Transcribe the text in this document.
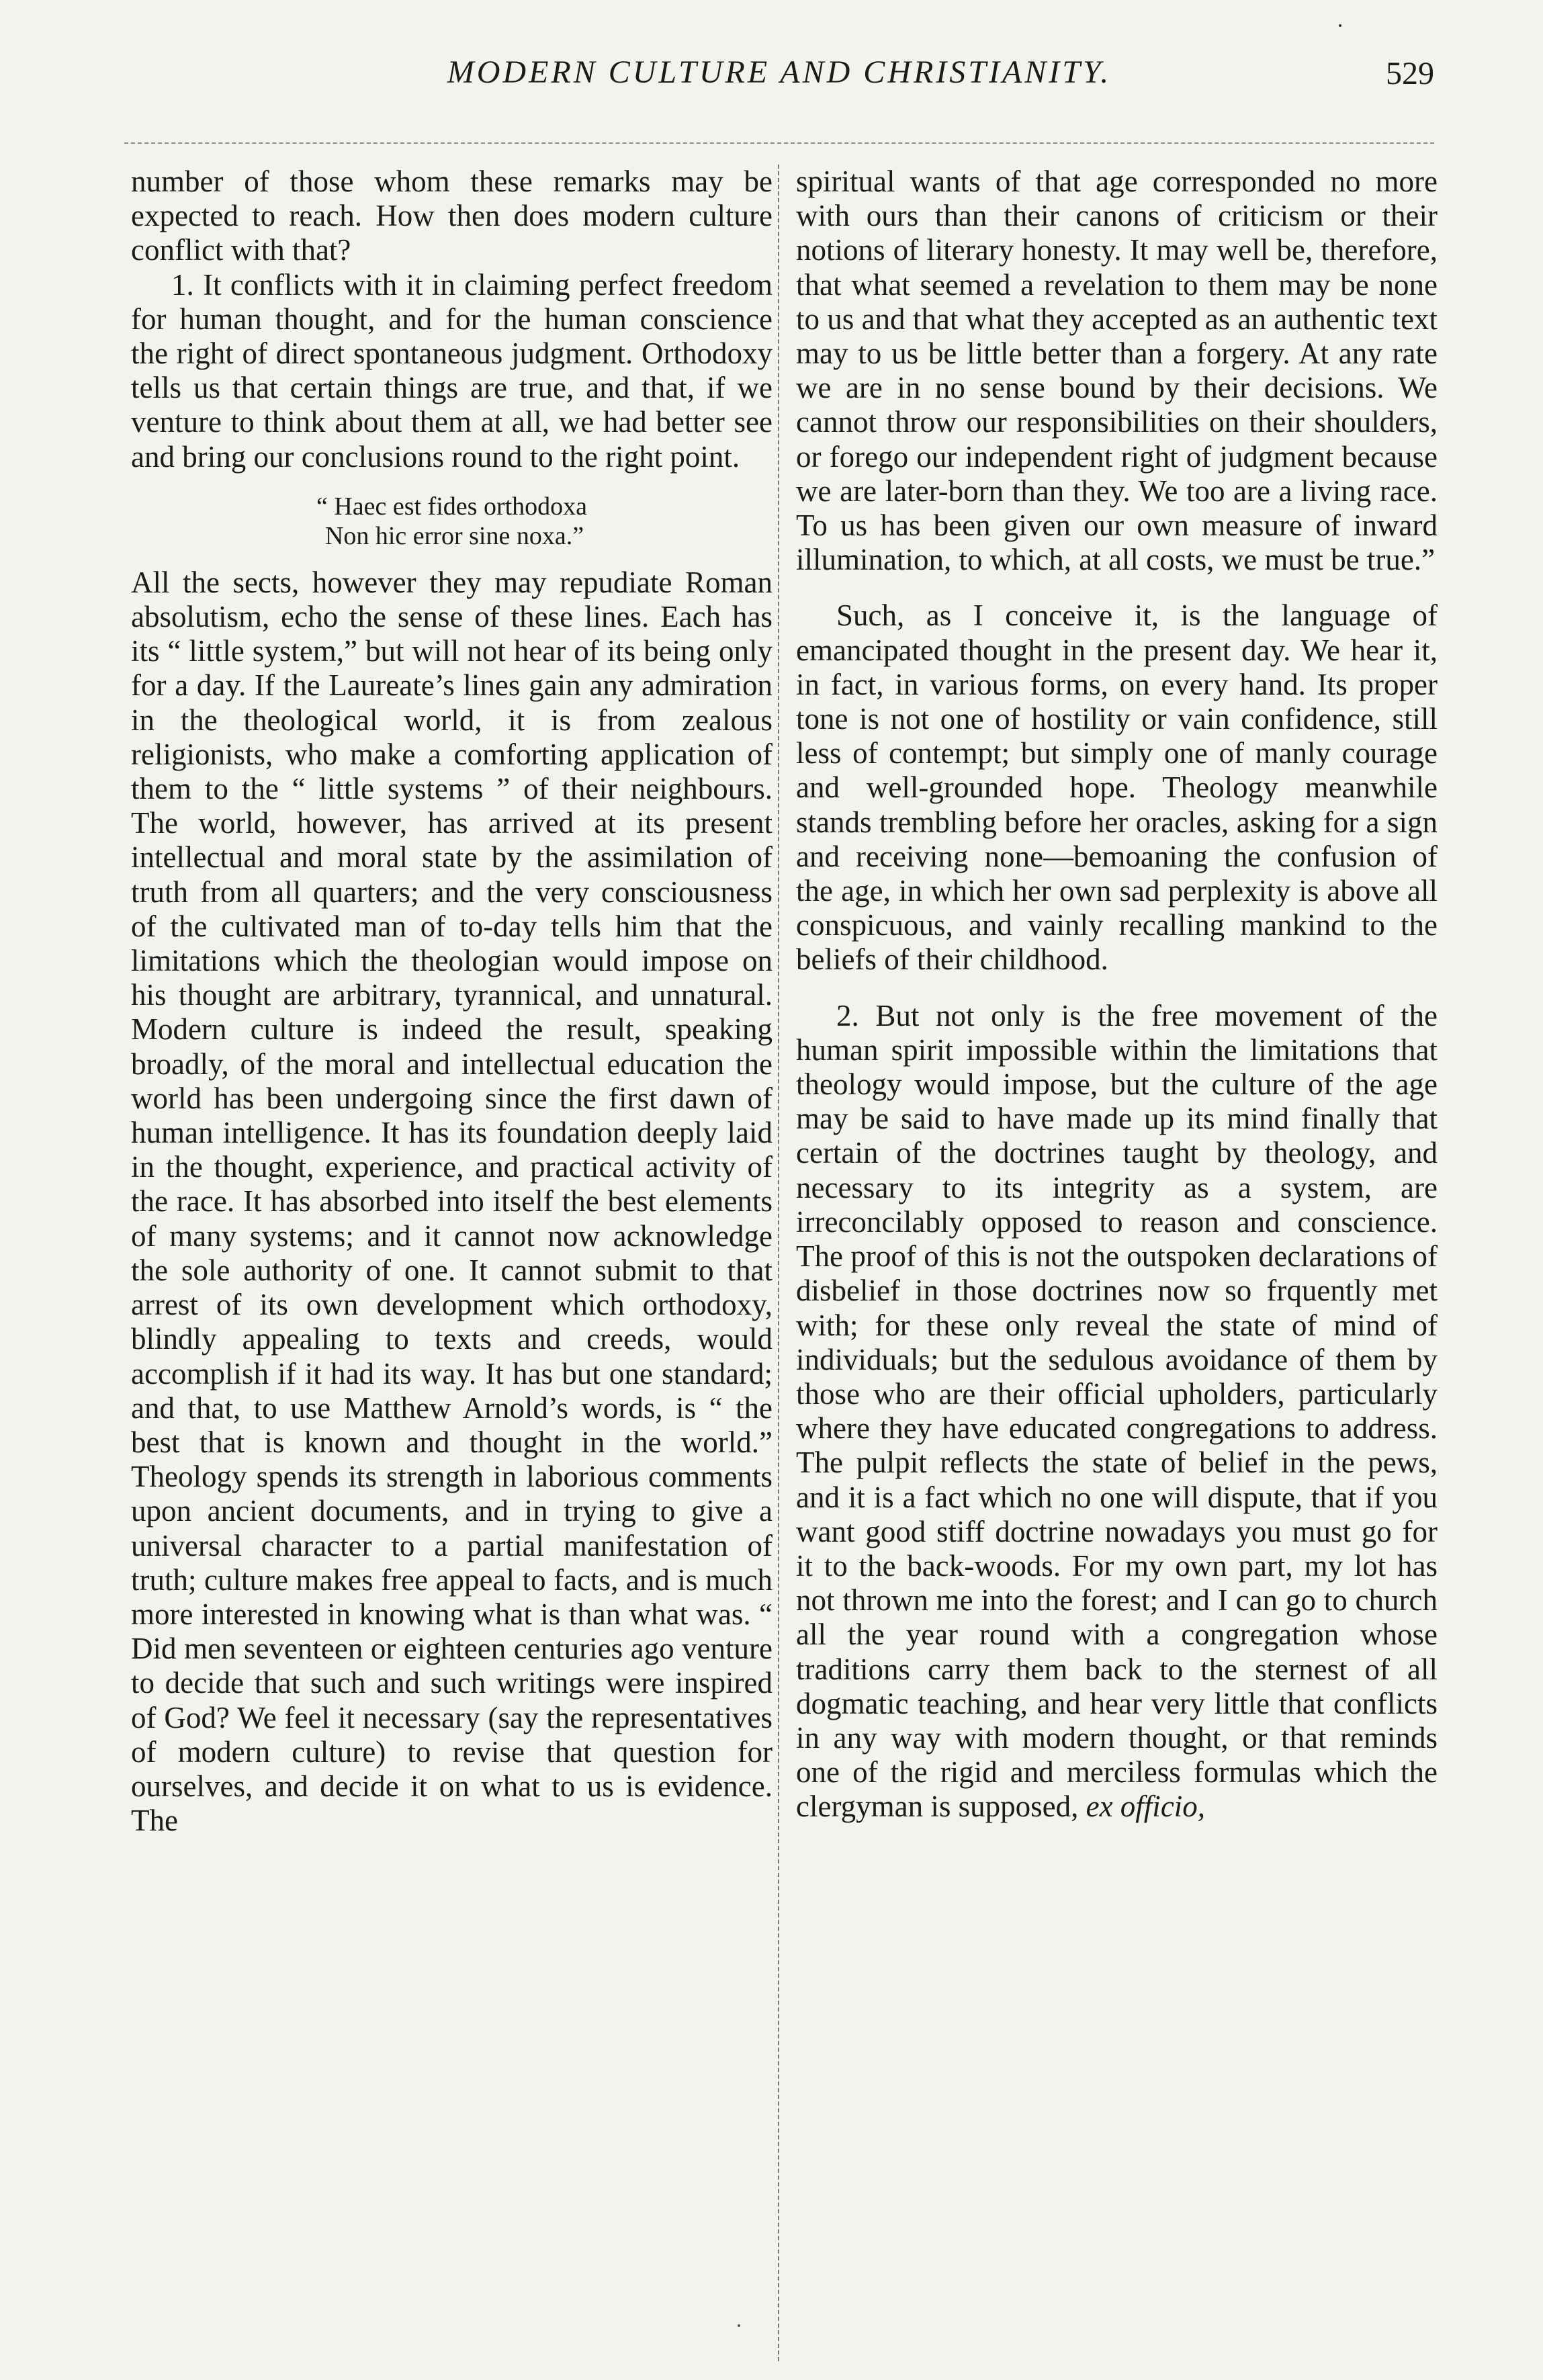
MODERN CULTURE AND CHRISTIANITY.	529

number of those whom these remarks may be expected to reach. How then does modern culture conflict with that?

1. It conflicts with it in claiming perfect freedom for human thought, and for the human conscience the right of direct spontaneous judgment. Orthodoxy tells us that certain things are true, and that, if we venture to think about them at all, we had better see and bring our conclusions round to the right point.

“ Haec est fides orthodoxa
Non hic error sine noxa.”

All the sects, however they may repudiate Roman absolutism, echo the sense of these lines. Each has its “ little system,” but will not hear of its being only for a day. If the Laureate’s lines gain any admiration in the theological world, it is from zealous religionists, who make a comforting application of them to the “ little systems ” of their neighbours. The world, however, has arrived at its present intellectual and moral state by the assimilation of truth from all quarters; and the very consciousness of the cultivated man of to-day tells him that the limitations which the theologian would impose on his thought are arbitrary, tyrannical, and unnatural. Modern culture is indeed the result, speaking broadly, of the moral and intellectual education the world has been undergoing since the first dawn of human intelligence. It has its foundation deeply laid in the thought, experience, and practical activity of the race. It has absorbed into itself the best elements of many systems; and it cannot now acknowledge the sole authority of one. It cannot submit to that arrest of its own development which orthodoxy, blindly appealing to texts and creeds, would accomplish if it had its way. It has but one standard; and that, to use Matthew Arnold’s words, is “ the best that is known and thought in the world.” Theology spends its strength in laborious comments upon ancient documents, and in trying to give a universal character to a partial manifestation of truth; culture makes free appeal to facts, and is much more interested in knowing what is than what was. “ Did men seventeen or eighteen centuries ago venture to decide that such and such writings were inspired of God? We feel it necessary (say the representatives of modern culture) to revise that question for ourselves, and decide it on what to us is evidence. The

spiritual wants of that age corresponded no more with ours than their canons of criticism or their notions of literary honesty. It may well be, therefore, that what seemed a revelation to them may be none to us and that what they accepted as an authentic text may to us be little better than a forgery. At any rate we are in no sense bound by their decisions. We cannot throw our responsibilities on their shoulders, or forego our independent right of judgment because we are later-born than they. We too are a living race. To us has been given our own measure of inward illumination, to which, at all costs, we must be true.”

Such, as I conceive it, is the language of emancipated thought in the present day. We hear it, in fact, in various forms, on every hand. Its proper tone is not one of hostility or vain confidence, still less of contempt; but simply one of manly courage and well-grounded hope. Theology meanwhile stands trembling before her oracles, asking for a sign and receiving none—bemoaning the confusion of the age, in which her own sad perplexity is above all conspicuous, and vainly recalling mankind to the beliefs of their childhood.

2. But not only is the free movement of the human spirit impossible within the limitations that theology would impose, but the culture of the age may be said to have made up its mind finally that certain of the doctrines taught by theology, and necessary to its integrity as a system, are irreconcilably opposed to reason and conscience. The proof of this is not the outspoken declarations of disbelief in those doctrines now so frquently met with; for these only reveal the state of mind of individuals; but the sedulous avoidance of them by those who are their official upholders, particularly where they have educated congregations to address. The pulpit reflects the state of belief in the pews, and it is a fact which no one will dispute, that if you want good stiff doctrine nowadays you must go for it to the back-woods. For my own part, my lot has not thrown me into the forest; and I can go to church all the year round with a congregation whose traditions carry them back to the sternest of all dogmatic teaching, and hear very little that conflicts in any way with modern thought, or that reminds one of the rigid and merciless formulas which the clergyman is supposed, ex officio,
